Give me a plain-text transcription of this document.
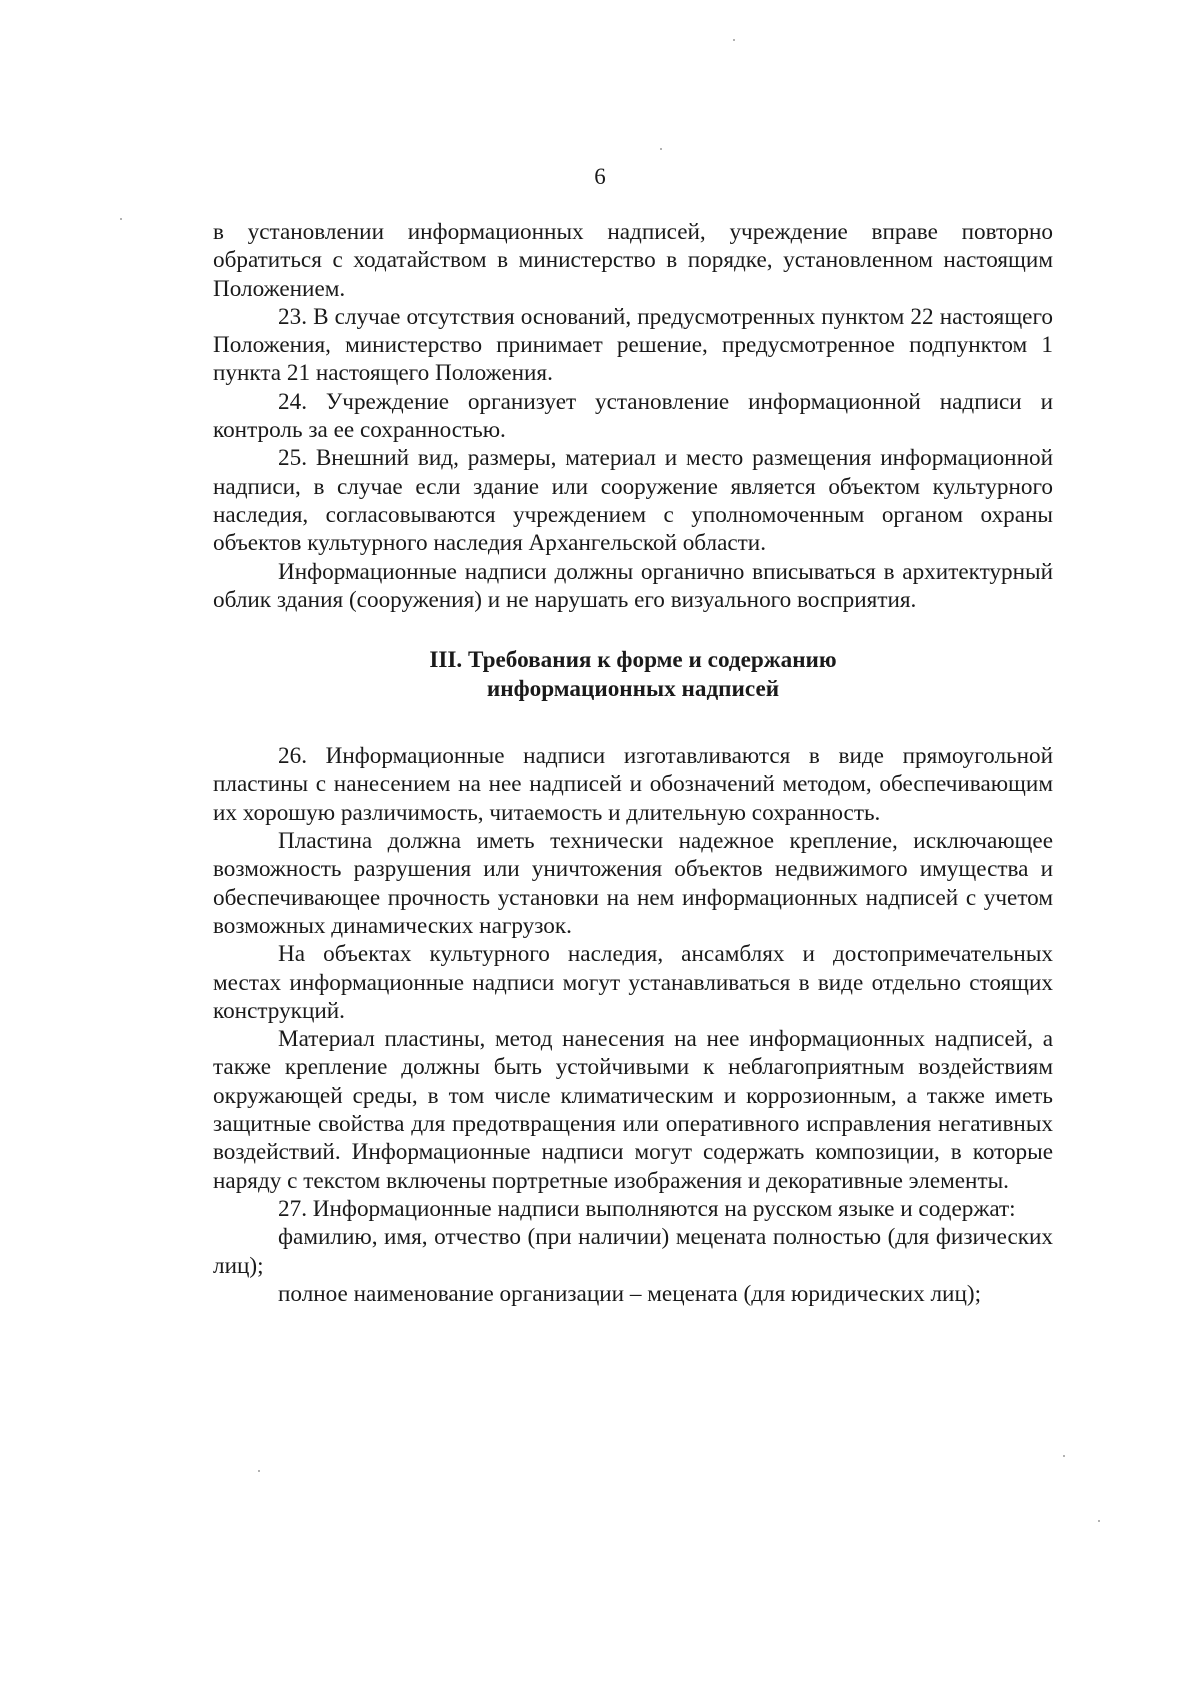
6

в установлении информационных надписей, учреждение вправе повторно обратиться с ходатайством в министерство в порядке, установленном настоящим Положением.

23. В случае отсутствия оснований, предусмотренных пунктом 22 настоящего Положения, министерство принимает решение, предусмотренное подпунктом 1 пункта 21 настоящего Положения.

24. Учреждение организует установление информационной надписи и контроль за ее сохранностью.

25. Внешний вид, размеры, материал и место размещения информационной надписи, в случае если здание или сооружение является объектом культурного наследия, согласовываются учреждением с уполномоченным органом охраны объектов культурного наследия Архангельской области.

Информационные надписи должны органично вписываться в архитектурный облик здания (сооружения) и не нарушать его визуального восприятия.

III. Требования к форме и содержанию
информационных надписей

26. Информационные надписи изготавливаются в виде прямоугольной пластины с нанесением на нее надписей и обозначений методом, обеспечивающим их хорошую различимость, читаемость и длительную сохранность.

Пластина должна иметь технически надежное крепление, исключающее возможность разрушения или уничтожения объектов недвижимого имущества и обеспечивающее прочность установки на нем информационных надписей с учетом возможных динамических нагрузок.

На объектах культурного наследия, ансамблях и достопримечательных местах информационные надписи могут устанавливаться в виде отдельно стоящих конструкций.

Материал пластины, метод нанесения на нее информационных надписей, а также крепление должны быть устойчивыми к неблагоприятным воздействиям окружающей среды, в том числе климатическим и коррозионным, а также иметь защитные свойства для предотвращения или оперативного исправления негативных воздействий. Информационные надписи могут содержать композиции, в которые наряду с текстом включены портретные изображения и декоративные элементы.

27. Информационные надписи выполняются на русском языке и содержат:

фамилию, имя, отчество (при наличии) мецената полностью (для физических лиц);

полное наименование организации – мецената (для юридических лиц);
